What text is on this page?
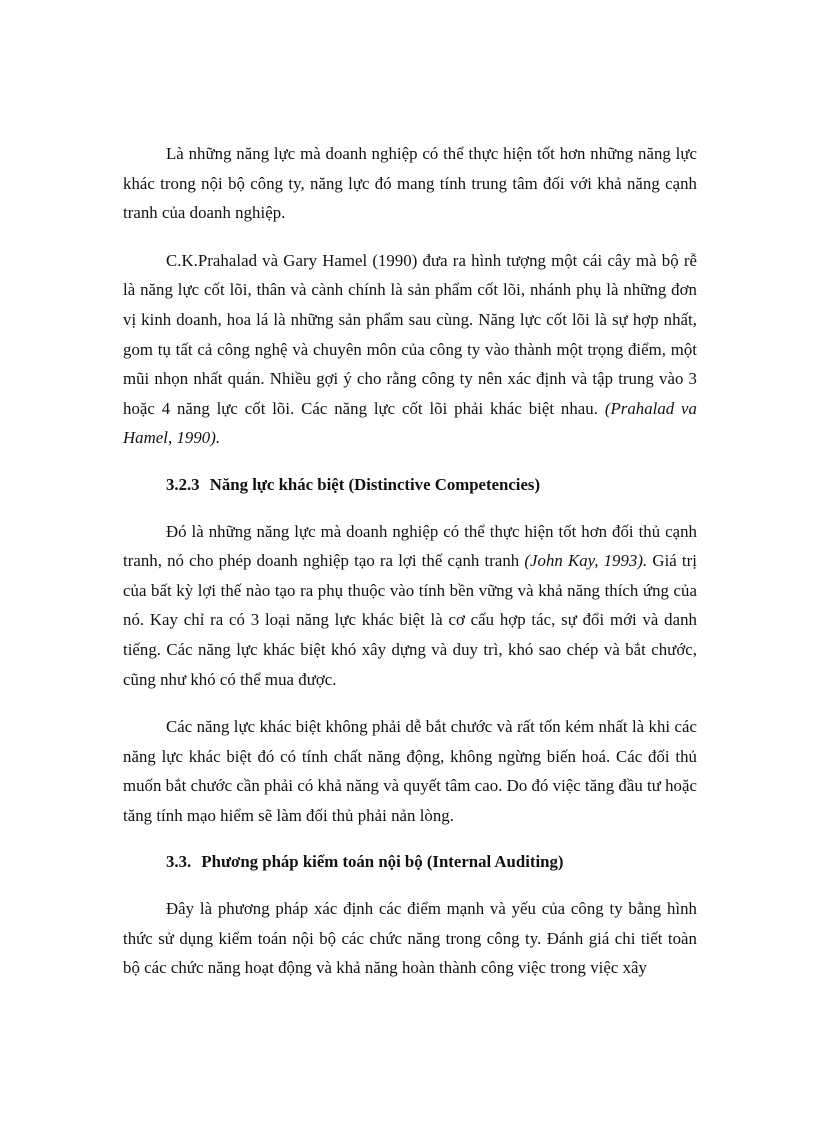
Là những năng lực mà doanh nghiệp có thể thực hiện tốt hơn những năng lực khác trong nội bộ công ty, năng lực đó mang tính trung tâm đối với khả năng cạnh tranh của doanh nghiệp.

C.K.Prahalad và Gary Hamel (1990) đưa ra hình tượng một cái cây mà bộ rễ là năng lực cốt lõi, thân và cành chính là sản phẩm cốt lõi, nhánh phụ là những đơn vị kinh doanh, hoa lá là những sản phẩm sau cùng. Năng lực cốt lõi là sự hợp nhất, gom tụ tất cả công nghệ và chuyên môn của công ty vào thành một trọng điểm, một mũi nhọn nhất quán. Nhiều gợi ý cho rằng công ty nên xác định và tập trung vào 3 hoặc 4 năng lực cốt lõi. Các năng lực cốt lõi phải khác biệt nhau. (Prahalad va Hamel, 1990).

3.2.3 Năng lực khác biệt (Distinctive Competencies)

Đó là những năng lực mà doanh nghiệp có thể thực hiện tốt hơn đối thủ cạnh tranh, nó cho phép doanh nghiệp tạo ra lợi thế cạnh tranh (John Kay, 1993). Giá trị của bất kỳ lợi thế nào tạo ra phụ thuộc vào tính bền vững và khả năng thích ứng của nó. Kay chỉ ra có 3 loại năng lực khác biệt là cơ cấu hợp tác, sự đổi mới và danh tiếng. Các năng lực khác biệt khó xây dựng và duy trì, khó sao chép và bắt chước, cũng như khó có thể mua được.

Các năng lực khác biệt không phải dễ bắt chước và rất tốn kém nhất là khi các năng lực khác biệt đó có tính chất năng động, không ngừng biến hoá. Các đối thủ muốn bắt chước cần phải có khả năng và quyết tâm cao. Do đó việc tăng đầu tư hoặc tăng tính mạo hiểm sẽ làm đối thủ phải nản lòng.

3.3. Phương pháp kiểm toán nội bộ (Internal Auditing)

Đây là phương pháp xác định các điểm mạnh và yếu của công ty bằng hình thức sử dụng kiểm toán nội bộ các chức năng trong công ty. Đánh giá chi tiết toàn bộ các chức năng hoạt động và khả năng hoàn thành công việc trong việc xây
